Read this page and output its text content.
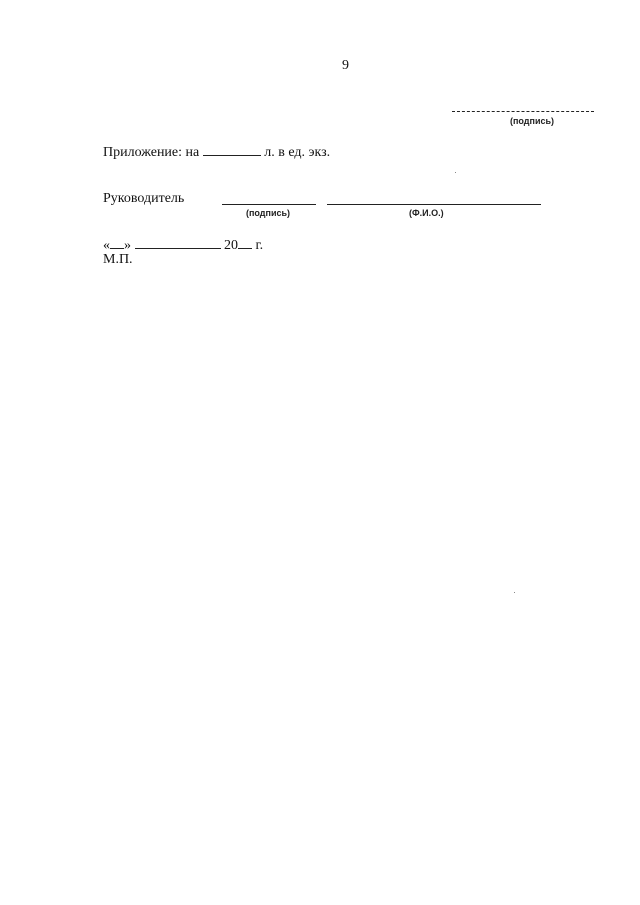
9
(подпись)
Приложение: на	л. в ед. экз.
Руководитель
(подпись)	(Ф.И.О.)
« »	20 г.
М.П.
